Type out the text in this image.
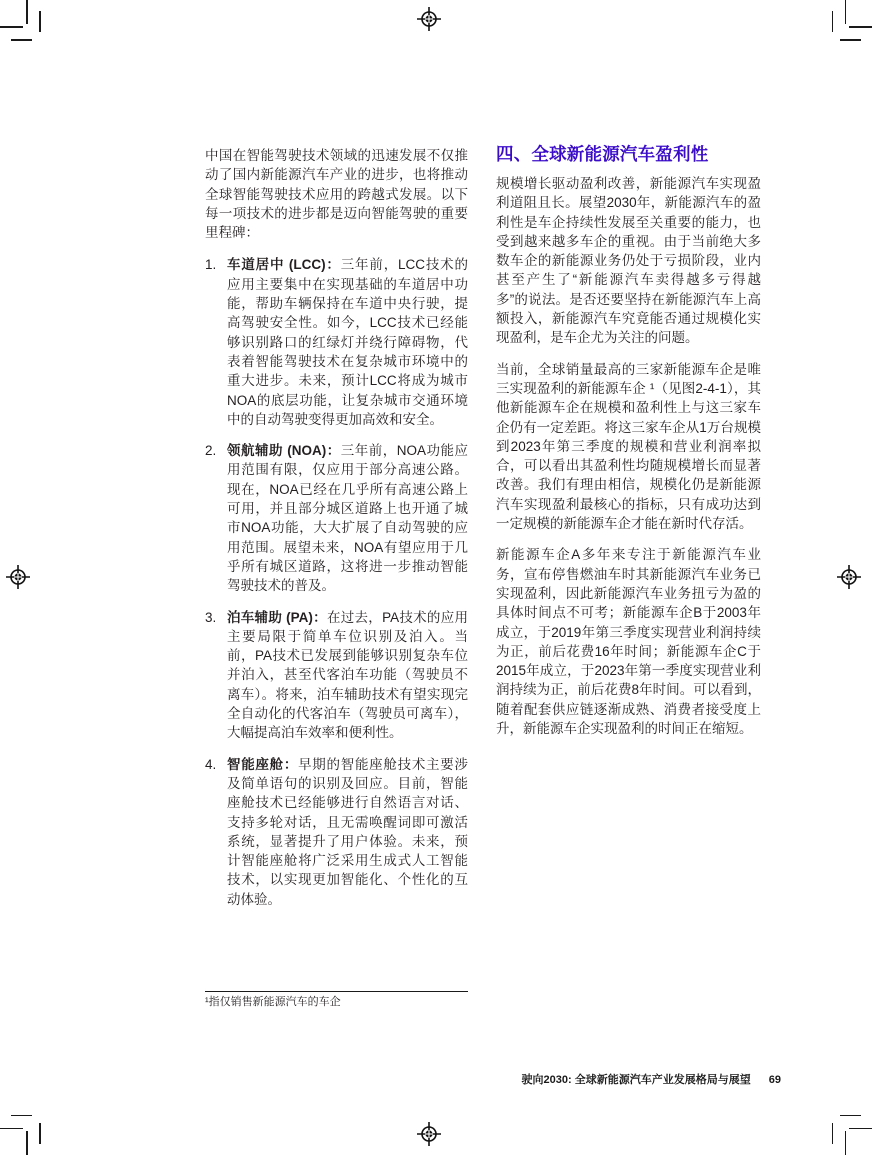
中国在智能驾驶技术领域的迅速发展不仅推动了国内新能源汽车产业的进步，也将推动全球智能驾驶技术应用的跨越式发展。以下每一项技术的进步都是迈向智能驾驶的重要里程碑：

1. 车道居中 (LCC)：三年前，LCC技术的应用主要集中在实现基础的车道居中功能，帮助车辆保持在车道中央行驶，提高驾驶安全性。如今，LCC技术已经能够识别路口的红绿灯并绕行障碍物，代表着智能驾驶技术在复杂城市环境中的重大进步。未来，预计LCC将成为城市NOA的底层功能，让复杂城市交通环境中的自动驾驶变得更加高效和安全。
2. 领航辅助 (NOA)：三年前，NOA功能应用范围有限，仅应用于部分高速公路。现在，NOA已经在几乎所有高速公路上可用，并且部分城区道路上也开通了城市NOA功能，大大扩展了自动驾驶的应用范围。展望未来，NOA有望应用于几乎所有城区道路，这将进一步推动智能驾驶技术的普及。
3. 泊车辅助 (PA)：在过去，PA技术的应用主要局限于简单车位识别及泊入。当前，PA技术已发展到能够识别复杂车位并泊入，甚至代客泊车功能（驾驶员不离车）。将来，泊车辅助技术有望实现完全自动化的代客泊车（驾驶员可离车），大幅提高泊车效率和便利性。
4. 智能座舱：早期的智能座舱技术主要涉及简单语句的识别及回应。目前，智能座舱技术已经能够进行自然语言对话、支持多轮对话，且无需唤醒词即可激活系统，显著提升了用户体验。未来，预计智能座舱将广泛采用生成式人工智能技术，以实现更加智能化、个性化的互动体验。
四、全球新能源汽车盈利性

规模增长驱动盈利改善，新能源汽车实现盈利道阻且长。展望2030年，新能源汽车的盈利性是车企持续性发展至关重要的能力，也受到越来越多车企的重视。由于当前绝大多数车企的新能源业务仍处于亏损阶段，业内甚至产生了“新能源汽车卖得越多亏得越多”的说法。是否还要坚持在新能源汽车上高额投入，新能源汽车究竟能否通过规模化实现盈利，是车企尤为关注的问题。

当前，全球销量最高的三家新能源车企是唯三实现盈利的新能源车企 ¹（见图2-4-1），其他新能源车企在规模和盈利性上与这三家车企仍有一定差距。将这三家车企从1万台规模到2023年第三季度的规模和营业利润率拟合，可以看出其盈利性均随规模增长而显著改善。我们有理由相信，规模化仍是新能源汽车实现盈利最核心的指标，只有成功达到一定规模的新能源车企才能在新时代存活。

新能源车企A多年来专注于新能源汽车业务，宣布停售燃油车时其新能源汽车业务已实现盈利，因此新能源汽车业务扭亏为盈的具体时间点不可考；新能源车企B于2003年成立，于2019年第三季度实现营业利润持续为正，前后花费16年时间；新能源车企C于2015年成立，于2023年第一季度实现营业利润持续为正，前后花费8年时间。可以看到，随着配套供应链逐渐成熟、消费者接受度上升，新能源车企实现盈利的时间正在缩短。

¹指仅销售新能源汽车的车企
驶向2030: 全球新能源汽车产业发展格局与展望 69
